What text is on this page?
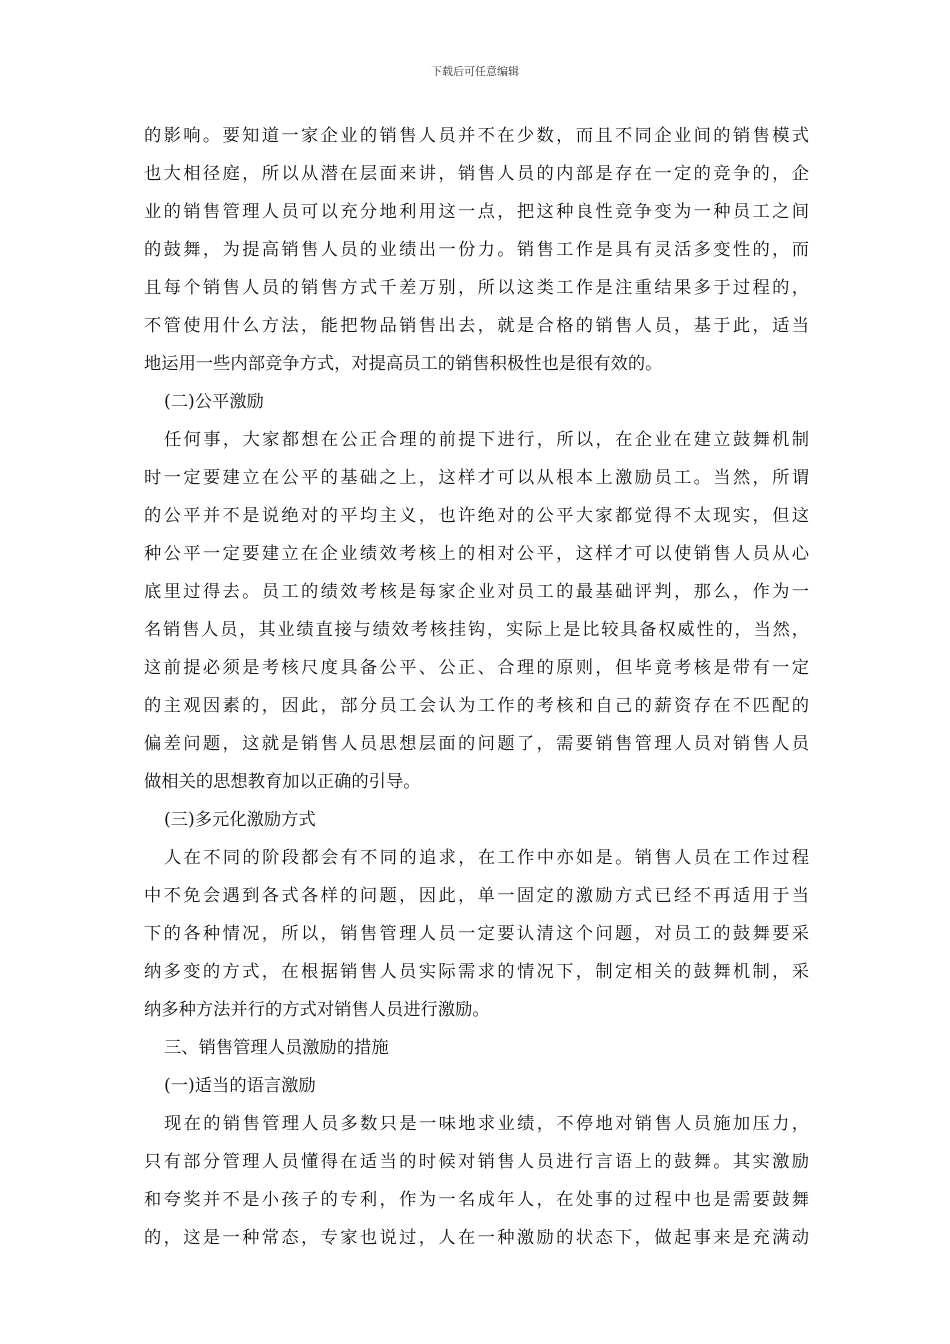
下载后可任意编辑
的影响。要知道一家企业的销售人员并不在少数，而且不同企业间的销售模式
也大相径庭，所以从潜在层面来讲，销售人员的内部是存在一定的竞争的，企
业的销售管理人员可以充分地利用这一点，把这种良性竞争变为一种员工之间
的鼓舞，为提高销售人员的业绩出一份力。销售工作是具有灵活多变性的，而
且每个销售人员的销售方式千差万别，所以这类工作是注重结果多于过程的，
不管使用什么方法，能把物品销售出去，就是合格的销售人员，基于此，适当
地运用一些内部竞争方式，对提高员工的销售积极性也是很有效的。
(二)公平激励
任何事，大家都想在公正合理的前提下进行，所以，在企业在建立鼓舞机制
时一定要建立在公平的基础之上，这样才可以从根本上激励员工。当然，所谓
的公平并不是说绝对的平均主义，也许绝对的公平大家都觉得不太现实，但这
种公平一定要建立在企业绩效考核上的相对公平，这样才可以使销售人员从心
底里过得去。员工的绩效考核是每家企业对员工的最基础评判，那么，作为一
名销售人员，其业绩直接与绩效考核挂钩，实际上是比较具备权威性的，当然，
这前提必须是考核尺度具备公平、公正、合理的原则，但毕竟考核是带有一定
的主观因素的，因此，部分员工会认为工作的考核和自己的薪资存在不匹配的
偏差问题，这就是销售人员思想层面的问题了，需要销售管理人员对销售人员
做相关的思想教育加以正确的引导。
(三)多元化激励方式
人在不同的阶段都会有不同的追求，在工作中亦如是。销售人员在工作过程
中不免会遇到各式各样的问题，因此，单一固定的激励方式已经不再适用于当
下的各种情况，所以，销售管理人员一定要认清这个问题，对员工的鼓舞要采
纳多变的方式，在根据销售人员实际需求的情况下，制定相关的鼓舞机制，采
纳多种方法并行的方式对销售人员进行激励。
三、销售管理人员激励的措施
(一)适当的语言激励
现在的销售管理人员多数只是一味地求业绩，不停地对销售人员施加压力，
只有部分管理人员懂得在适当的时候对销售人员进行言语上的鼓舞。其实激励
和夸奖并不是小孩子的专利，作为一名成年人，在处事的过程中也是需要鼓舞
的，这是一种常态，专家也说过，人在一种激励的状态下，做起事来是充满动
